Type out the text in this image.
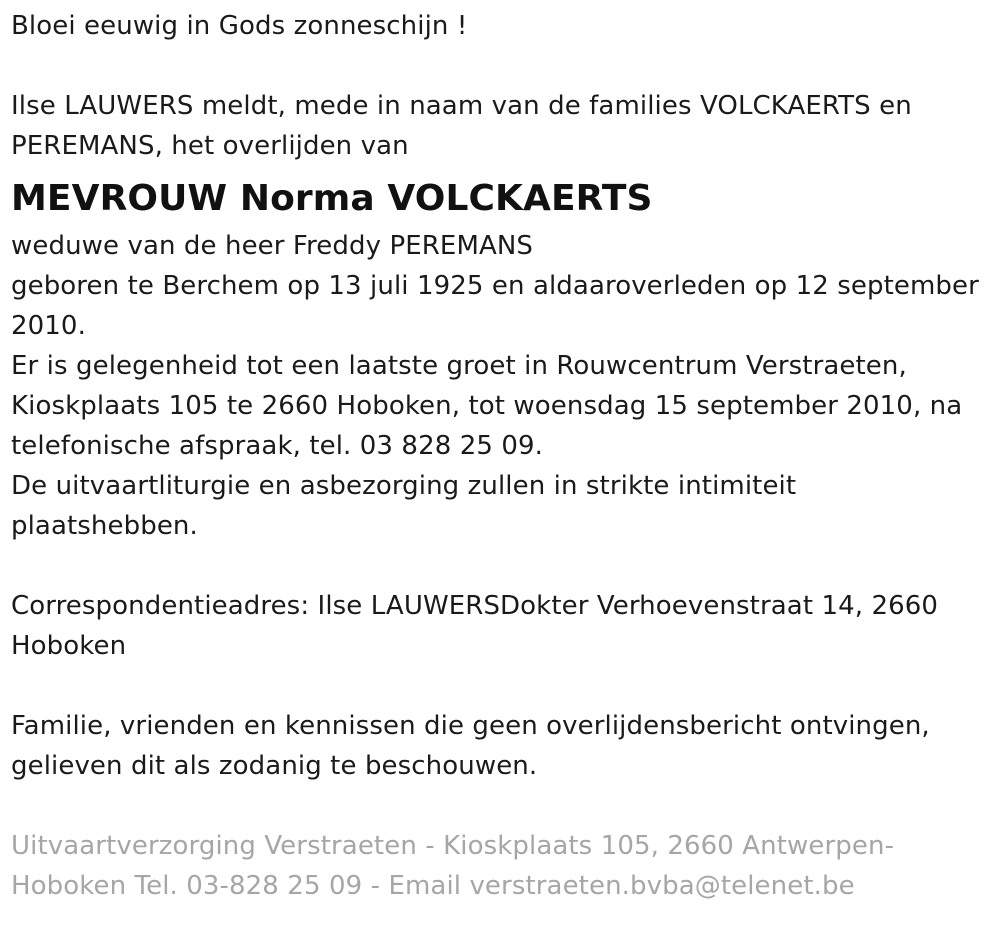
Bloei eeuwig in Gods zonneschijn !
Ilse LAUWERS meldt, mede in naam van de families VOLCKAERTS en
PEREMANS, het overlijden van
MEVROUW Norma VOLCKAERTS
weduwe van de heer Freddy PEREMANS
geboren te Berchem op 13 juli 1925 en aldaaroverleden op 12 september
2010.
Er is gelegenheid tot een laatste groet in Rouwcentrum Verstraeten,
Kioskplaats 105 te 2660 Hoboken, tot woensdag 15 september 2010, na
telefonische afspraak, tel. 03 828 25 09.
De uitvaartliturgie en asbezorging zullen in strikte intimiteit
plaatshebben.
Correspondentieadres: Ilse LAUWERSDokter Verhoevenstraat 14, 2660
Hoboken
Familie, vrienden en kennissen die geen overlijdensbericht ontvingen,
gelieven dit als zodanig te beschouwen.
Uitvaartverzorging Verstraeten - Kioskplaats 105, 2660 Antwerpen-
Hoboken Tel. 03-828 25 09 - Email verstraeten.bvba@telenet.be
